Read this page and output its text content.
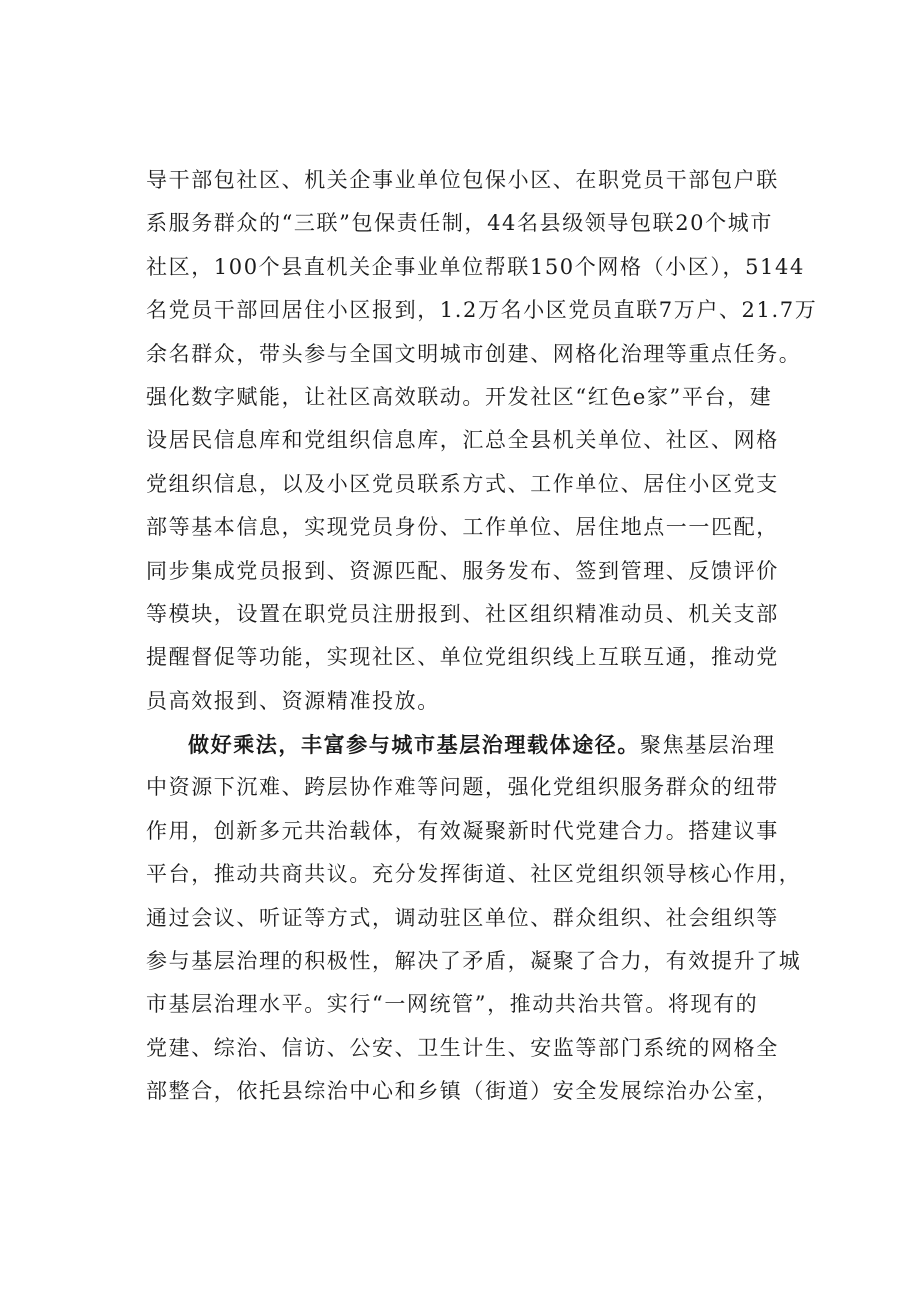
导干部包社区、机关企事业单位包保小区、在职党员干部包户联
系服务群众的“三联”包保责任制，44名县级领导包联20个城市
社区，100个县直机关企事业单位帮联150个网格（小区），5144
名党员干部回居住小区报到，1.2万名小区党员直联7万户、21.7万
余名群众，带头参与全国文明城市创建、网格化治理等重点任务。
强化数字赋能，让社区高效联动。开发社区“红色e家”平台，建
设居民信息库和党组织信息库，汇总全县机关单位、社区、网格
党组织信息，以及小区党员联系方式、工作单位、居住小区党支
部等基本信息，实现党员身份、工作单位、居住地点一一匹配，
同步集成党员报到、资源匹配、服务发布、签到管理、反馈评价
等模块，设置在职党员注册报到、社区组织精准动员、机关支部
提醒督促等功能，实现社区、单位党组织线上互联互通，推动党
员高效报到、资源精准投放。
做好乘法，丰富参与城市基层治理载体途径。聚焦基层治理
中资源下沉难、跨层协作难等问题，强化党组织服务群众的纽带
作用，创新多元共治载体，有效凝聚新时代党建合力。搭建议事
平台，推动共商共议。充分发挥街道、社区党组织领导核心作用，
通过会议、听证等方式，调动驻区单位、群众组织、社会组织等
参与基层治理的积极性，解决了矛盾，凝聚了合力，有效提升了城
市基层治理水平。实行“一网统管”，推动共治共管。将现有的
党建、综治、信访、公安、卫生计生、安监等部门系统的网格全
部整合，依托县综治中心和乡镇（街道）安全发展综治办公室，
